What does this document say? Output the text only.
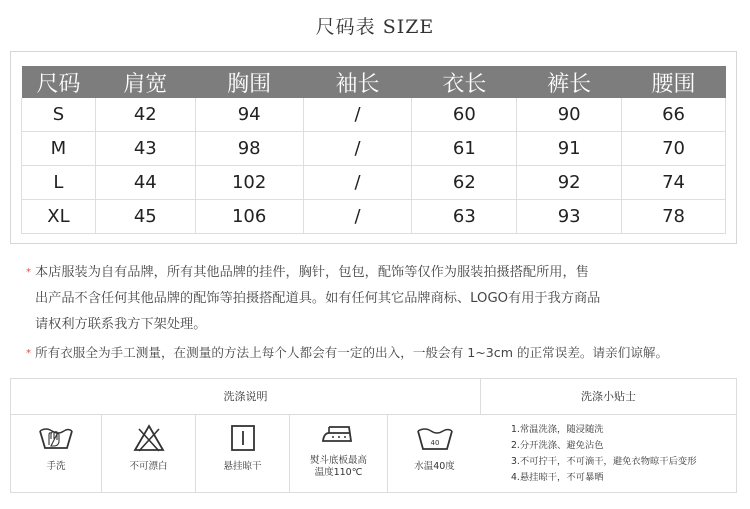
尺码表 SIZE
尺码	肩宽	胸围	袖长	衣长	裤长	腰围
S	42	94	/	60	90	66
M	43	98	/	61	91	70
L	44	102	/	62	92	74
XL	45	106	/	63	93	78
* 本店服装为自有品牌，所有其他品牌的挂件，胸针，包包，配饰等仅作为服装拍摄搭配所用，售
出产品不含任何其他品牌的配饰等拍摄搭配道具。如有任何其它品牌商标、LOGO有用于我方商品
请权利方联系我方下架处理。
* 所有衣服全为手工测量，在测量的方法上每个人都会有一定的出入，一般会有 1~3cm 的正常误差。请亲们谅解。
洗涤说明	洗涤小贴士
手洗	不可漂白	悬挂晾干
熨斗底板最高
温度110℃
40
水温40度
1.常温洗涤，随浸随洗
2.分开洗涤、避免沾色
3.不可拧干，不可滴干，避免衣物晾干后变形
4.悬挂晾干，不可暴晒
